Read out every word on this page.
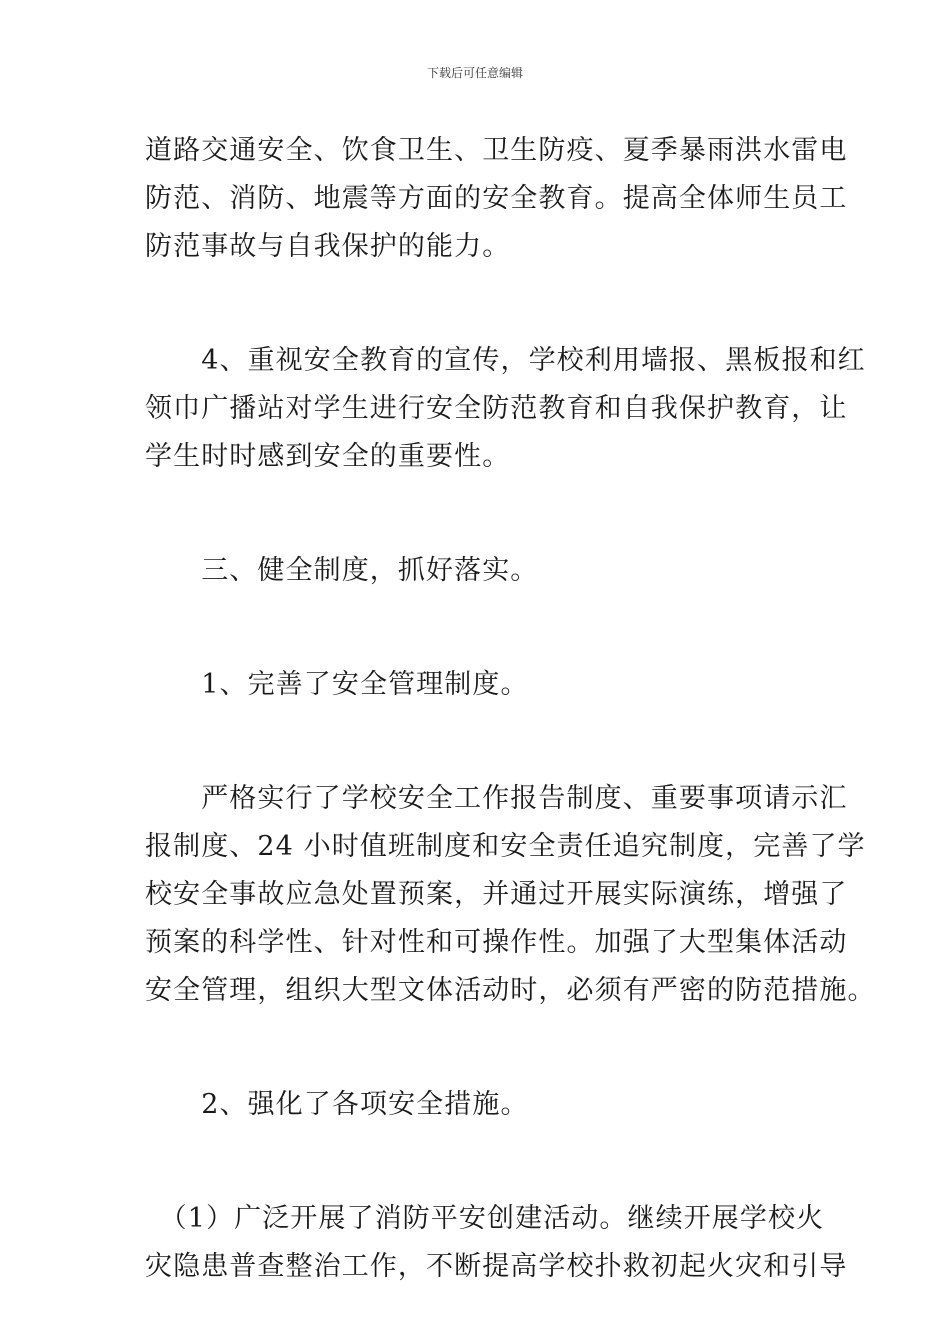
下载后可任意编辑
道路交通安全、饮食卫生、卫生防疫、夏季暴雨洪水雷电
防范、消防、地震等方面的安全教育。提高全体师生员工
防范事故与自我保护的能力。
　　4、重视安全教育的宣传，学校利用墙报、黑板报和红
领巾广播站对学生进行安全防范教育和自我保护教育，让
学生时时感到安全的重要性。
　　三、健全制度，抓好落实。
　　1、完善了安全管理制度。
　　严格实行了学校安全工作报告制度、重要事项请示汇
报制度、24 小时值班制度和安全责任追究制度，完善了学
校安全事故应急处置预案，并通过开展实际演练，增强了
预案的科学性、针对性和可操作性。加强了大型集体活动
安全管理，组织大型文体活动时，必须有严密的防范措施。
　　2、强化了各项安全措施。
　（1）广泛开展了消防平安创建活动。继续开展学校火
灾隐患普查整治工作，不断提高学校扑救初起火灾和引导
